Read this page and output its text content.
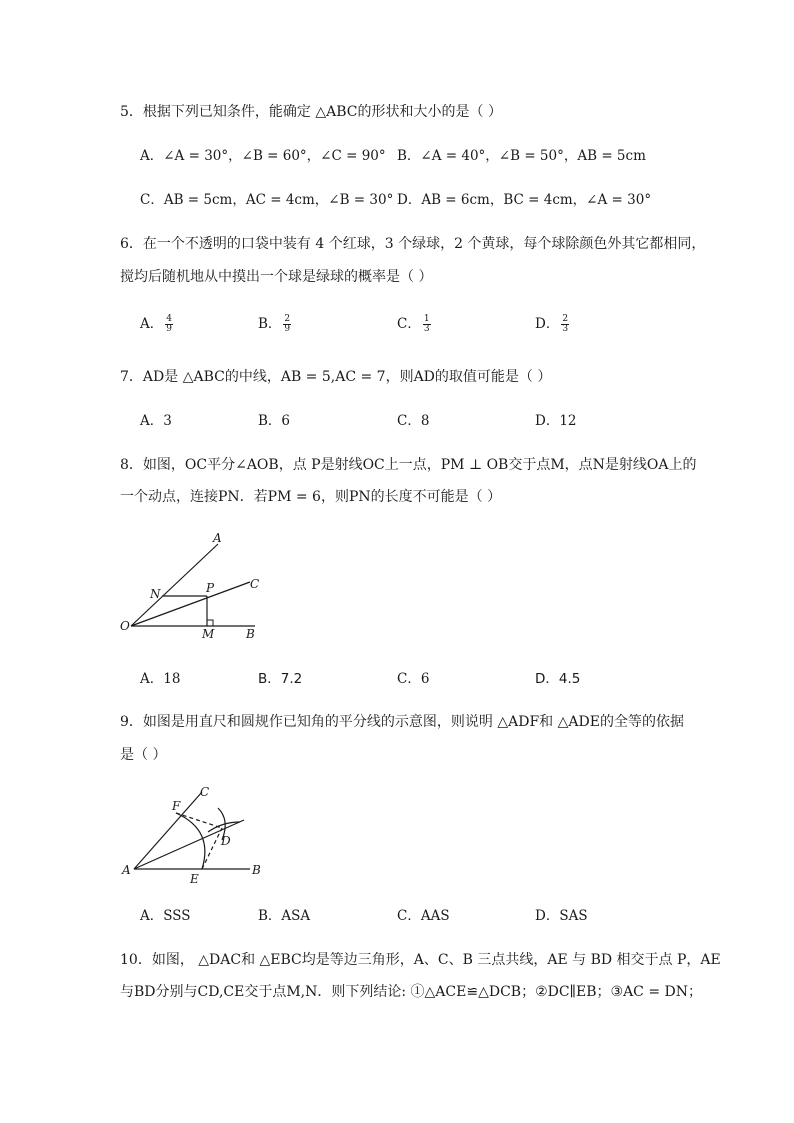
5．根据下列已知条件，能确定 △ABC的形状和大小的是（ ）
A．∠A = 30°，∠B = 60°，∠C = 90° B．∠A = 40°，∠B = 50°，AB = 5cm
C．AB = 5cm，AC = 4cm，∠B = 30° D．AB = 6cm，BC = 4cm，∠A = 30°
6．在一个不透明的口袋中装有 4 个红球，3 个绿球，2 个黄球，每个球除颜色外其它都相同，
搅均后随机地从中摸出一个球是绿球的概率是（ ）
A． $\frac{4}{9}$	B． $\frac{2}{9}$	C． $\frac{1}{3}$	D． $\frac{2}{3}$
7．AD是 △ABC的中线，AB = 5,AC = 7，则AD的取值可能是（ ）
A．3	B．6	C．8	D．12
8．如图，OC平分∠AOB，点 P是射线OC上一点，PM ⊥ OB交于点M，点N是射线OA上的
一个动点，连接PN．若PM = 6，则PN的长度不可能是（ ）
A
C
N	P
O
M	B
A．18	B．7.2	C．6	D．4.5
9．如图是用直尺和圆规作已知角的平分线的示意图，则说明 △ADF和 △ADE的全等的依据
是（ ）
C
F
D
A
E
B
A．SSS	B．ASA	C．AAS	D．SAS
10．如图， △DAC和 △EBC均是等边三角形，A、C、B 三点共线，AE 与 BD 相交于点 P，AE
与BD分别与CD,CE交于点M,N．则下列结论: ①△ACE≌△DCB；②DC∥EB；③AC = DN；
